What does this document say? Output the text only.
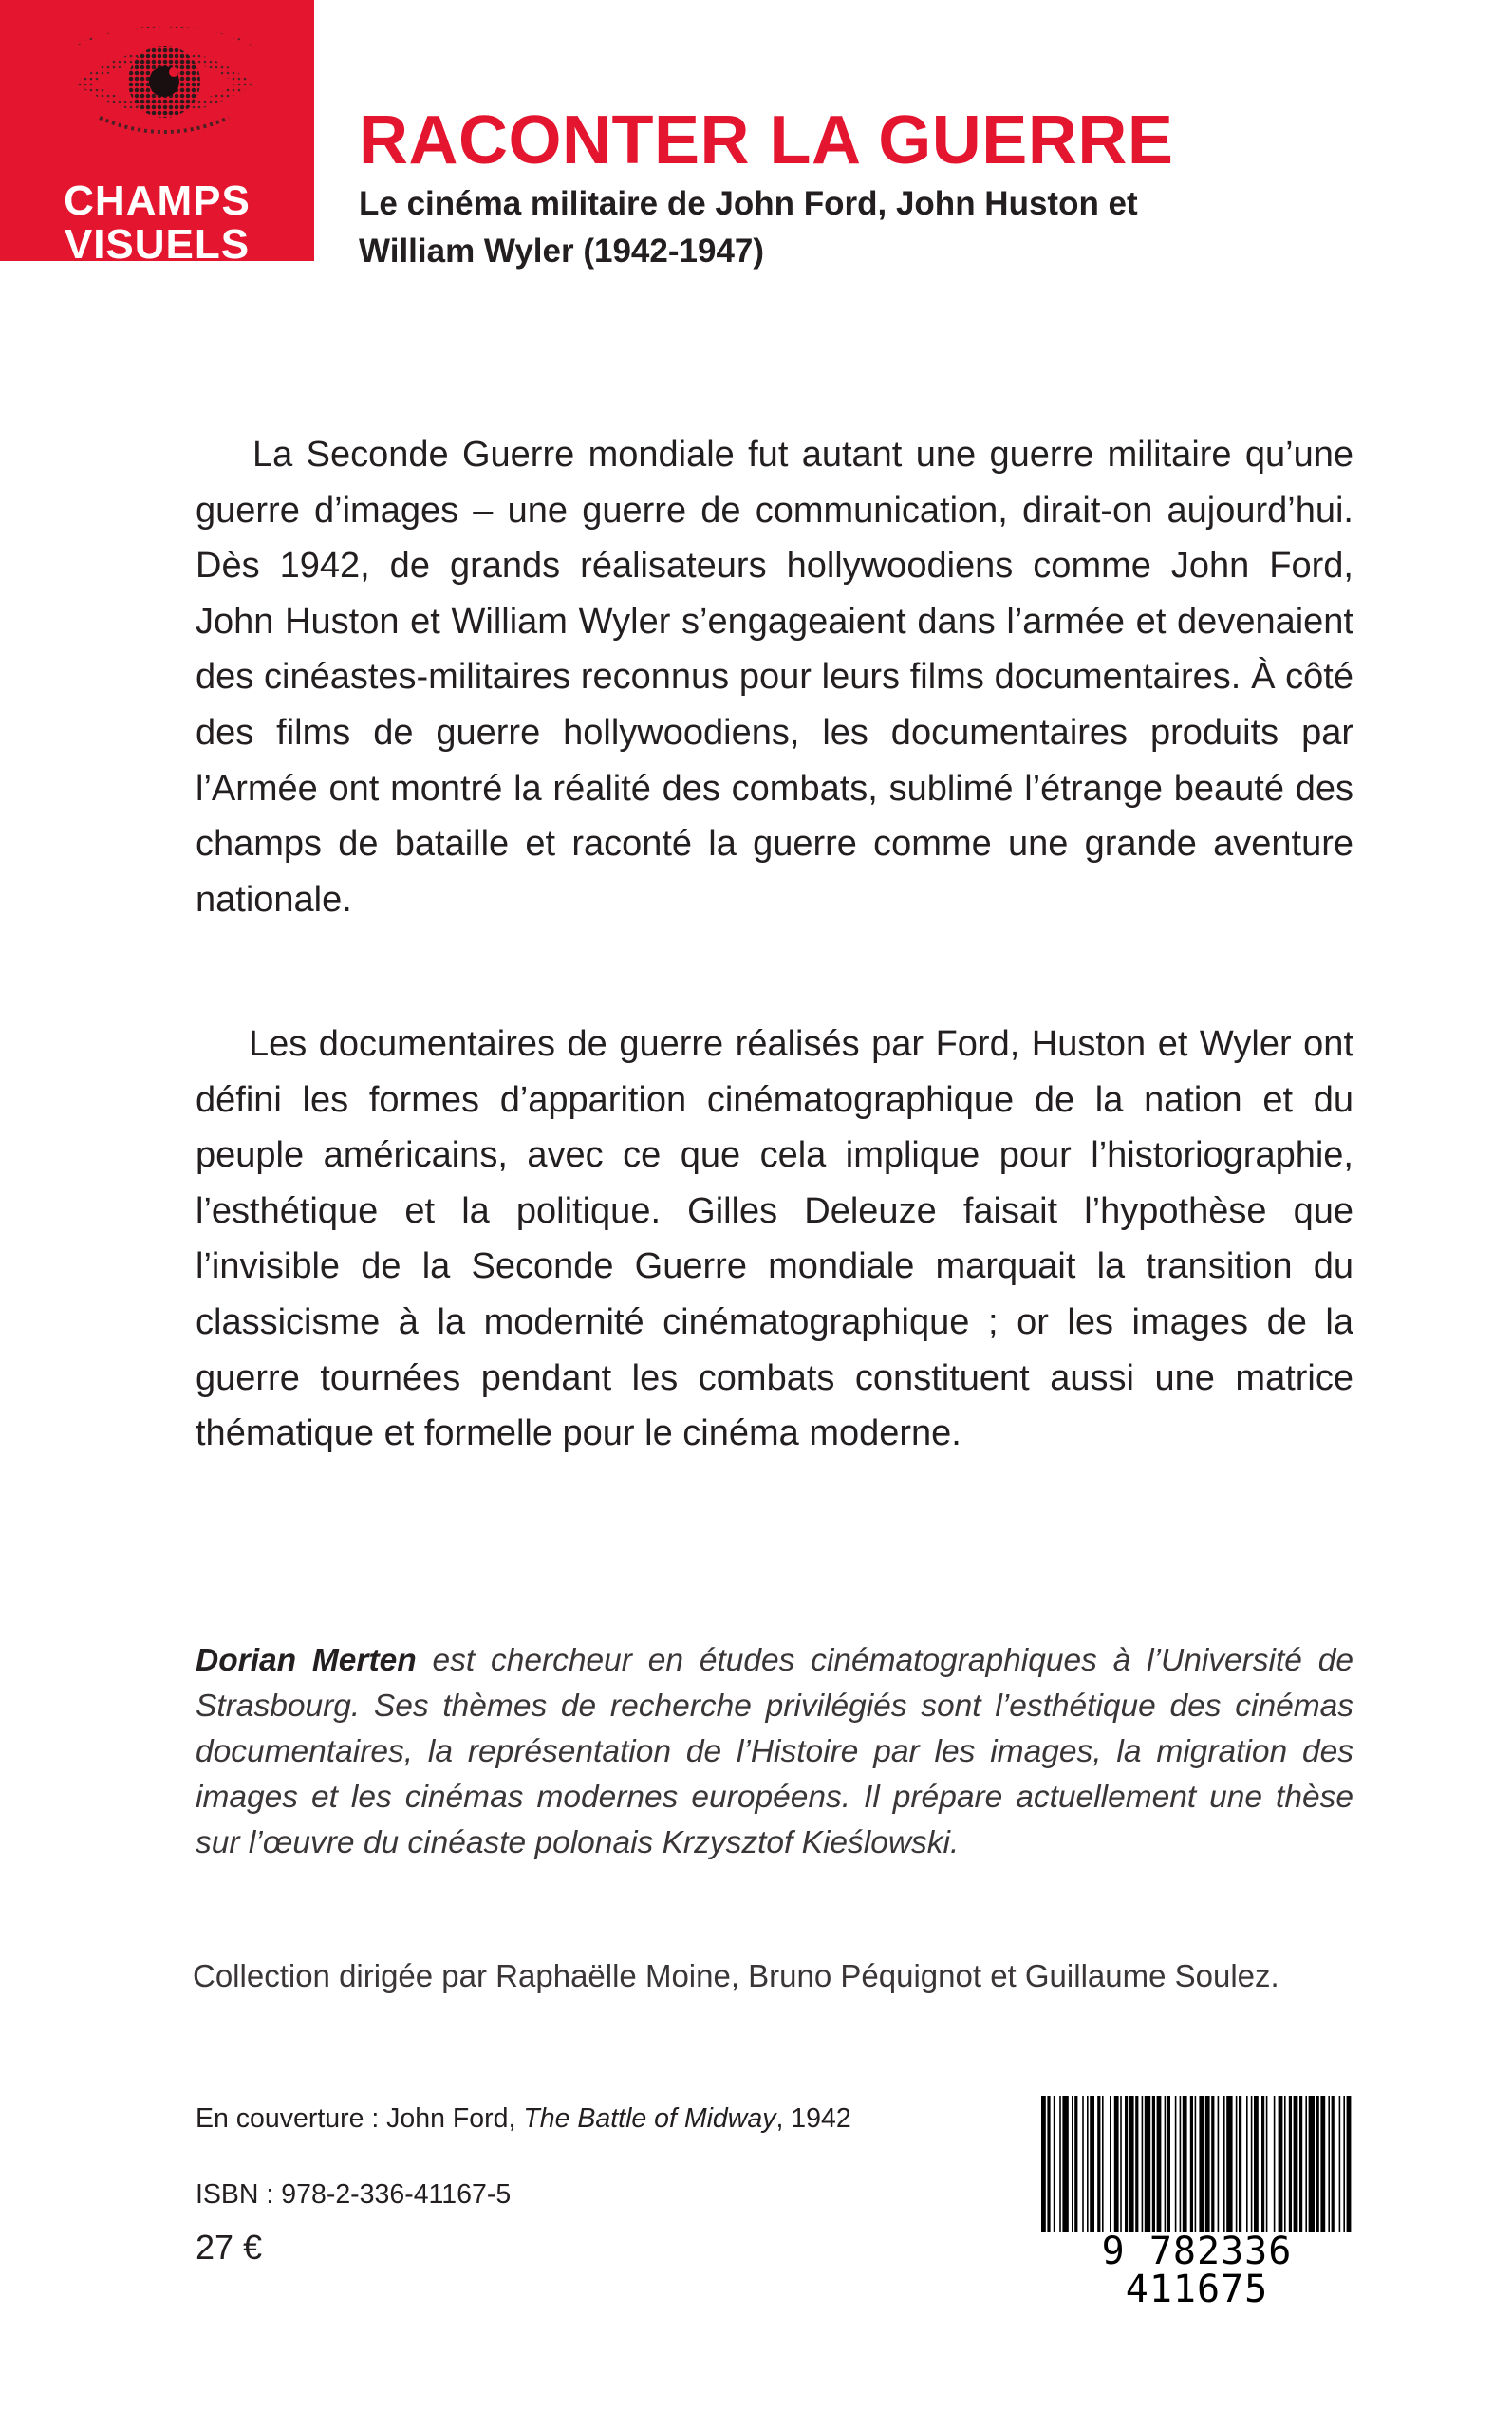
CHAMPS
VISUELS
RACONTER LA GUERRE

Le cinéma militaire de John Ford, John Huston et William Wyler (1942-1947)

La Seconde Guerre mondiale fut autant une guerre militaire qu’une guerre d’images – une guerre de communication, dirait-on aujourd’hui. Dès 1942, de grands réalisateurs hollywoodiens comme John Ford, John Huston et William Wyler s’engageaient dans l’armée et devenaient des cinéastes-militaires reconnus pour leurs films documentaires. À côté des films de guerre hollywoodiens, les documentaires produits par l’Armée ont montré la réalité des combats, sublimé l’étrange beauté des champs de bataille et raconté la guerre comme une grande aventure nationale.

Les documentaires de guerre réalisés par Ford, Huston et Wyler ont défini les formes d’apparition cinématographique de la nation et du peuple américains, avec ce que cela implique pour l’historiographie, l’esthétique et la politique. Gilles Deleuze faisait l’hypothèse que l’invisible de la Seconde Guerre mondiale marquait la transition du classicisme à la modernité cinématographique ; or les images de la guerre tournées pendant les combats constituent aussi une matrice thématique et formelle pour le cinéma moderne.

Dorian Merten est chercheur en études cinématographiques à l’Université de Strasbourg. Ses thèmes de recherche privilégiés sont l’esthétique des cinémas documentaires, la représentation de l’Histoire par les images, la migration des images et les cinémas modernes européens. Il prépare actuellement une thèse sur l’œuvre du cinéaste polonais Krzysztof Kieślowski.

Collection dirigée par Raphaëlle Moine, Bruno Péquignot et Guillaume Soulez.

En couverture : John Ford, The Battle of Midway, 1942

ISBN : 978-2-336-41167-5

27 €	9 782336 411675
